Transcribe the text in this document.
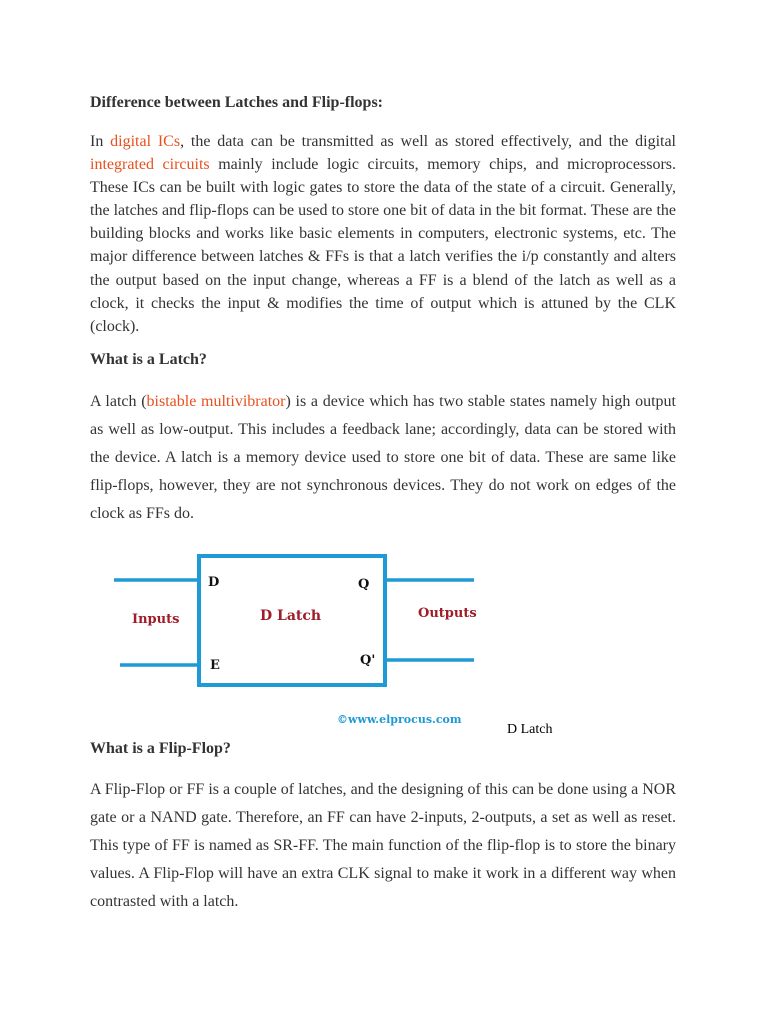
Difference between Latches and Flip-flops:

In digital ICs, the data can be transmitted as well as stored effectively, and the digital integrated circuits mainly include logic circuits, memory chips, and microprocessors. These ICs can be built with logic gates to store the data of the state of a circuit. Generally, the latches and flip-flops can be used to store one bit of data in the bit format. These are the building blocks and works like basic elements in computers, electronic systems, etc. The major difference between latches & FFs is that a latch verifies the i/p constantly and alters the output based on the input change, whereas a FF is a blend of the latch as well as a clock, it checks the input & modifies the time of output which is attuned by the CLK (clock).

What is a Latch?

A latch (bistable multivibrator) is a device which has two stable states namely high output as well as low-output. This includes a feedback lane; accordingly, data can be stored with the device. A latch is a memory device used to store one bit of data. These are same like flip-flops, however, they are not synchronous devices. They do not work on edges of the clock as FFs do.

D
E
Q
Q'
Inputs	D Latch	Outputs
©www.elprocus.com
D Latch
What is a Flip-Flop?

A Flip-Flop or FF is a couple of latches, and the designing of this can be done using a NOR gate or a NAND gate. Therefore, an FF can have 2-inputs, 2-outputs, a set as well as reset. This type of FF is named as SR-FF. The main function of the flip-flop is to store the binary values. A Flip-Flop will have an extra CLK signal to make it work in a different way when contrasted with a latch.
